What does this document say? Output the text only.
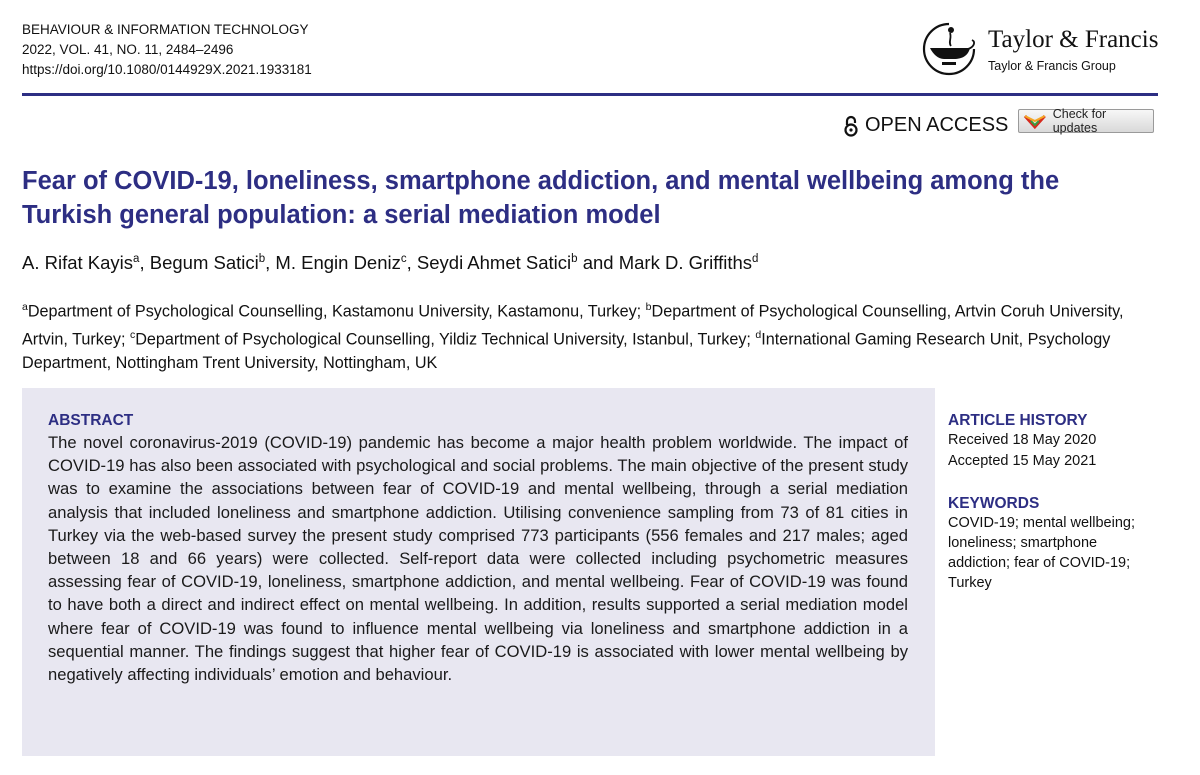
BEHAVIOUR & INFORMATION TECHNOLOGY
2022, VOL. 41, NO. 11, 2484–2496
https://doi.org/10.1080/0144929X.2021.1933181
Taylor & Francis
Taylor & Francis Group
OPEN ACCESS	Check for updates
Fear of COVID-19, loneliness, smartphone addiction, and mental wellbeing among the Turkish general population: a serial mediation model
A. Rifat Kayis$^a$, Begum Satici$^b$, M. Engin Deniz$^c$, Seydi Ahmet Satici$^b$ and Mark D. Griffiths$^d$
$^a$Department of Psychological Counselling, Kastamonu University, Kastamonu, Turkey; $^b$Department of Psychological Counselling, Artvin Coruh University, Artvin, Turkey; $^c$Department of Psychological Counselling, Yildiz Technical University, Istanbul, Turkey; $^d$International Gaming Research Unit, Psychology Department, Nottingham Trent University, Nottingham, UK
ABSTRACT

The novel coronavirus-2019 (COVID-19) pandemic has become a major health problem worldwide. The impact of COVID-19 has also been associated with psychological and social problems. The main objective of the present study was to examine the associations between fear of COVID-19 and mental wellbeing, through a serial mediation analysis that included loneliness and smartphone addiction. Utilising convenience sampling from 73 of 81 cities in Turkey via the web-based survey the present study comprised 773 participants (556 females and 217 males; aged between 18 and 66 years) were collected. Self-report data were collected including psychometric measures assessing fear of COVID-19, loneliness, smartphone addiction, and mental wellbeing. Fear of COVID-19 was found to have both a direct and indirect effect on mental wellbeing. In addition, results supported a serial mediation model where fear of COVID-19 was found to influence mental wellbeing via loneliness and smartphone addiction in a sequential manner. The findings suggest that higher fear of COVID-19 is associated with lower mental wellbeing by negatively affecting individuals’ emotion and behaviour.

ARTICLE HISTORY
Received 18 May 2020
Accepted 15 May 2021
KEYWORDS
COVID-19; mental wellbeing; loneliness; smartphone addiction; fear of COVID-19; Turkey
